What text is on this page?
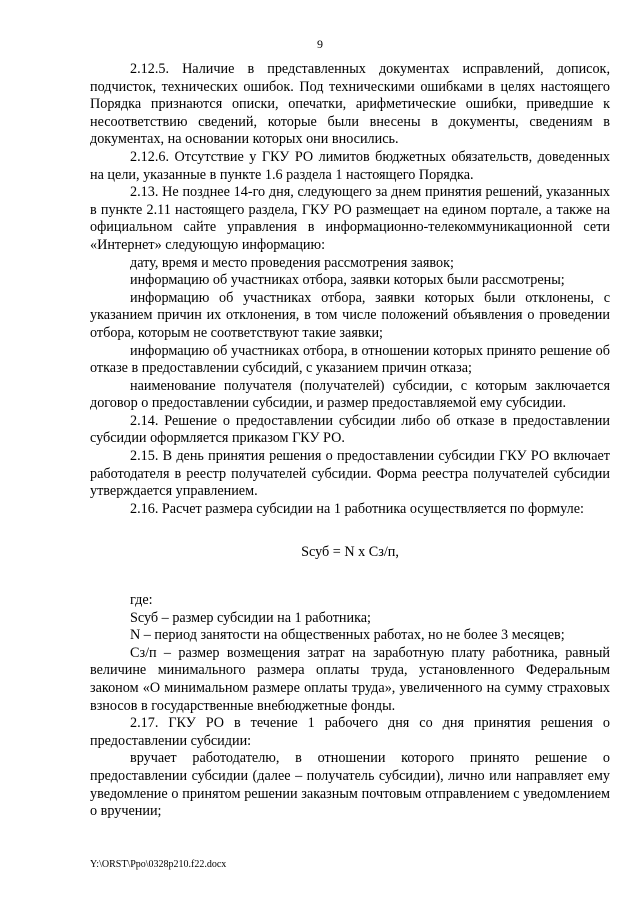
9

2.12.5. Наличие в представленных документах исправлений, дописок, подчисток, технических ошибок. Под техническими ошибками в целях настоящего Порядка признаются описки, опечатки, арифметические ошибки, приведшие к несоответствию сведений, которые были внесены в документы, сведениям в документах, на основании которых они вносились.

2.12.6. Отсутствие у ГКУ РО лимитов бюджетных обязательств, доведенных на цели, указанные в пункте 1.6 раздела 1 настоящего Порядка.

2.13. Не позднее 14-го дня, следующего за днем принятия решений, указанных в пункте 2.11 настоящего раздела, ГКУ РО размещает на едином портале, а также на официальном сайте управления в информационно-телекоммуникационной сети «Интернет» следующую информацию:

дату, время и место проведения рассмотрения заявок;

информацию об участниках отбора, заявки которых были рассмотрены;

информацию об участниках отбора, заявки которых были отклонены, с указанием причин их отклонения, в том числе положений объявления о проведении отбора, которым не соответствуют такие заявки;

информацию об участниках отбора, в отношении которых принято решение об отказе в предоставлении субсидий, с указанием причин отказа;

наименование получателя (получателей) субсидии, с которым заключается договор о предоставлении субсидии, и размер предоставляемой ему субсидии.

2.14. Решение о предоставлении субсидии либо об отказе в предоставлении субсидии оформляется приказом ГКУ РО.

2.15. В день принятия решения о предоставлении субсидии ГКУ РО включает работодателя в реестр получателей субсидии. Форма реестра получателей субсидии утверждается управлением.

2.16. Расчет размера субсидии на 1 работника осуществляется по формуле:

Sсуб = N x Сз/п,

где:

Sсуб – размер субсидии на 1 работника;

N – период занятости на общественных работах, но не более 3 месяцев;

Сз/п – размер возмещения затрат на заработную плату работника, равный величине минимального размера оплаты труда, установленного Федеральным законом «О минимальном размере оплаты труда», увеличенного на сумму страховых взносов в государственные внебюджетные фонды.

2.17. ГКУ РО в течение 1 рабочего дня со дня принятия решения о предоставлении субсидии:

вручает работодателю, в отношении которого принято решение о предоставлении субсидии (далее – получатель субсидии), лично или направляет ему уведомление о принятом решении заказным почтовым отправлением с уведомлением о вручении;

Y:\ORST\Ppo\0328p210.f22.docx
